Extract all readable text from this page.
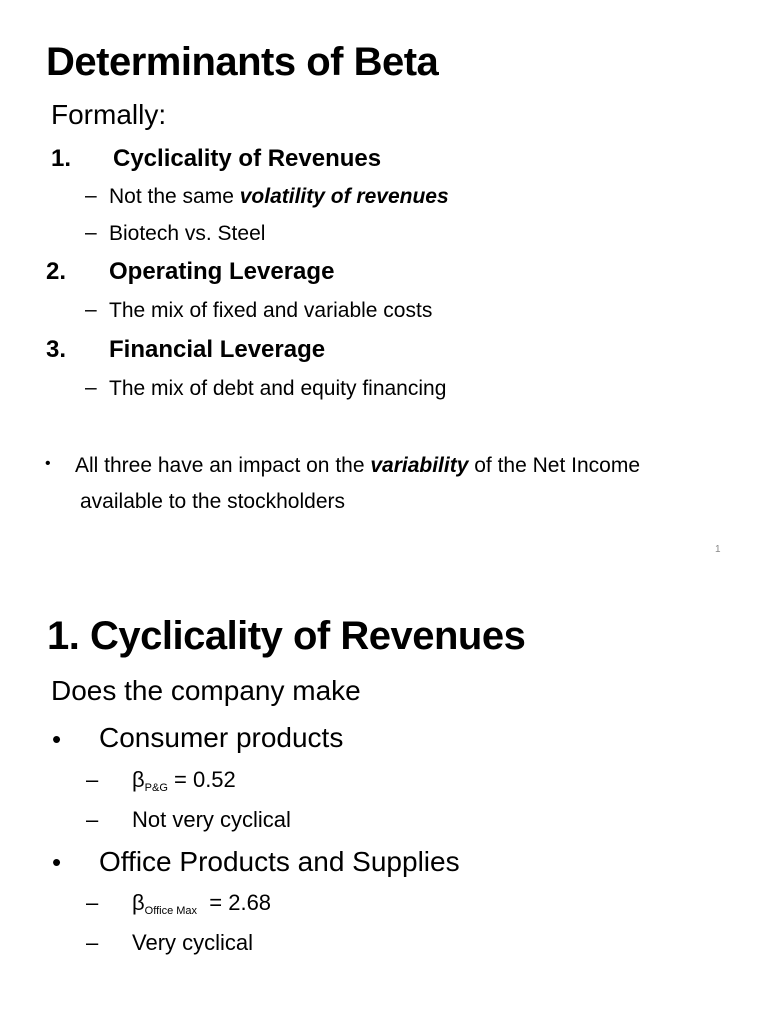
Determinants of Beta
Formally:
1. Cyclicality of Revenues
– Not the same volatility of revenues
– Biotech vs. Steel
2. Operating Leverage
– The mix of fixed and variable costs
3. Financial Leverage
– The mix of debt and equity financing
• All three have an impact on the variability of the Net Income
available to the stockholders
1
1. Cyclicality of Revenues
Does the company make
• Consumer products
– $\beta_{P\&G} = 0.52$
– Not very cyclical
• Office Products and Supplies
– $\beta_{Office Max} = 2.68$
– Very cyclical
